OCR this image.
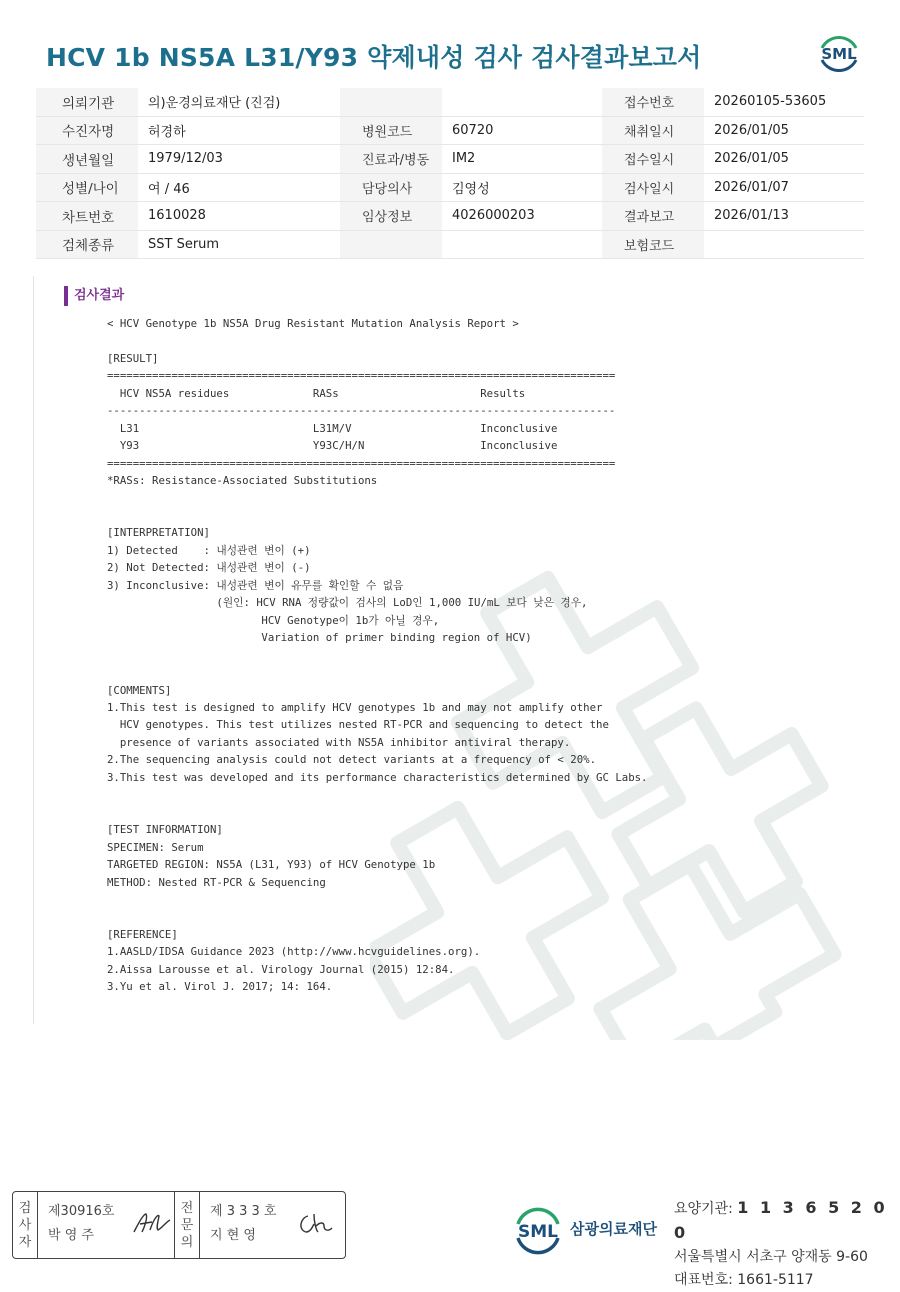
HCV 1b NS5A L31/Y93 약제내성 검사 검사결과보고서	SML
의뢰기관	의)운경의료재단 (진검)			접수번호	20260105-53605
수진자명	허경하	병원코드	60720	채취일시	2026/01/05
생년월일	1979/12/03	진료과/병동	IM2	접수일시	2026/01/05
성별/나이	여 / 46	담당의사	김영성	검사일시	2026/01/07
차트번호	1610028	임상정보	4026000203	결과보고	2026/01/13
검체종류	SST Serum			보험코드	
검사결과
< HCV Genotype 1b NS5A Drug Resistant Mutation Analysis Report >

[RESULT]
===============================================================================
HCV NS5A residues             RASs                      Results
-------------------------------------------------------------------------------
L31                           L31M/V                    Inconclusive
Y93                           Y93C/H/N                  Inconclusive
===============================================================================
*RASs: Resistance-Associated Substitutions

[INTERPRETATION]
1) Detected    : 내성관련 변이 (+)
2) Not Detected: 내성관련 변이 (-)
3) Inconclusive: 내성관련 변이 유무를 확인할 수 없음
(원인: HCV RNA 정량값이 검사의 LoD인 1,000 IU/mL 보다 낮은 경우,
HCV Genotype이 1b가 아닐 경우,
Variation of primer binding region of HCV)

[COMMENTS]
1.This test is designed to amplify HCV genotypes 1b and may not amplify other
HCV genotypes. This test utilizes nested RT-PCR and sequencing to detect the
presence of variants associated with NS5A inhibitor antiviral therapy.
2.The sequencing analysis could not detect variants at a frequency of < 20%.
3.This test was developed and its performance characteristics determined by GC Labs.

[TEST INFORMATION]
SPECIMEN: Serum
TARGETED REGION: NS5A (L31, Y93) of HCV Genotype 1b
METHOD: Nested RT-PCR & Sequencing

[REFERENCE]
1.AASLD/IDSA Guidance 2023 (http://www.hcvguidelines.org).
2.Aissa Larousse et al. Virology Journal (2015) 12:84.
3.Yu et al. Virol J. 2017; 14: 164.
검
사
자
제30916호
박 영 주
전
문
의
제 3 3 3 호
지 현 영	SML 삼광의료재단
요양기관: 1 1 3 6 5 2 0 0
서울특별시 서초구 양재동 9-60
대표번호: 1661-5117
